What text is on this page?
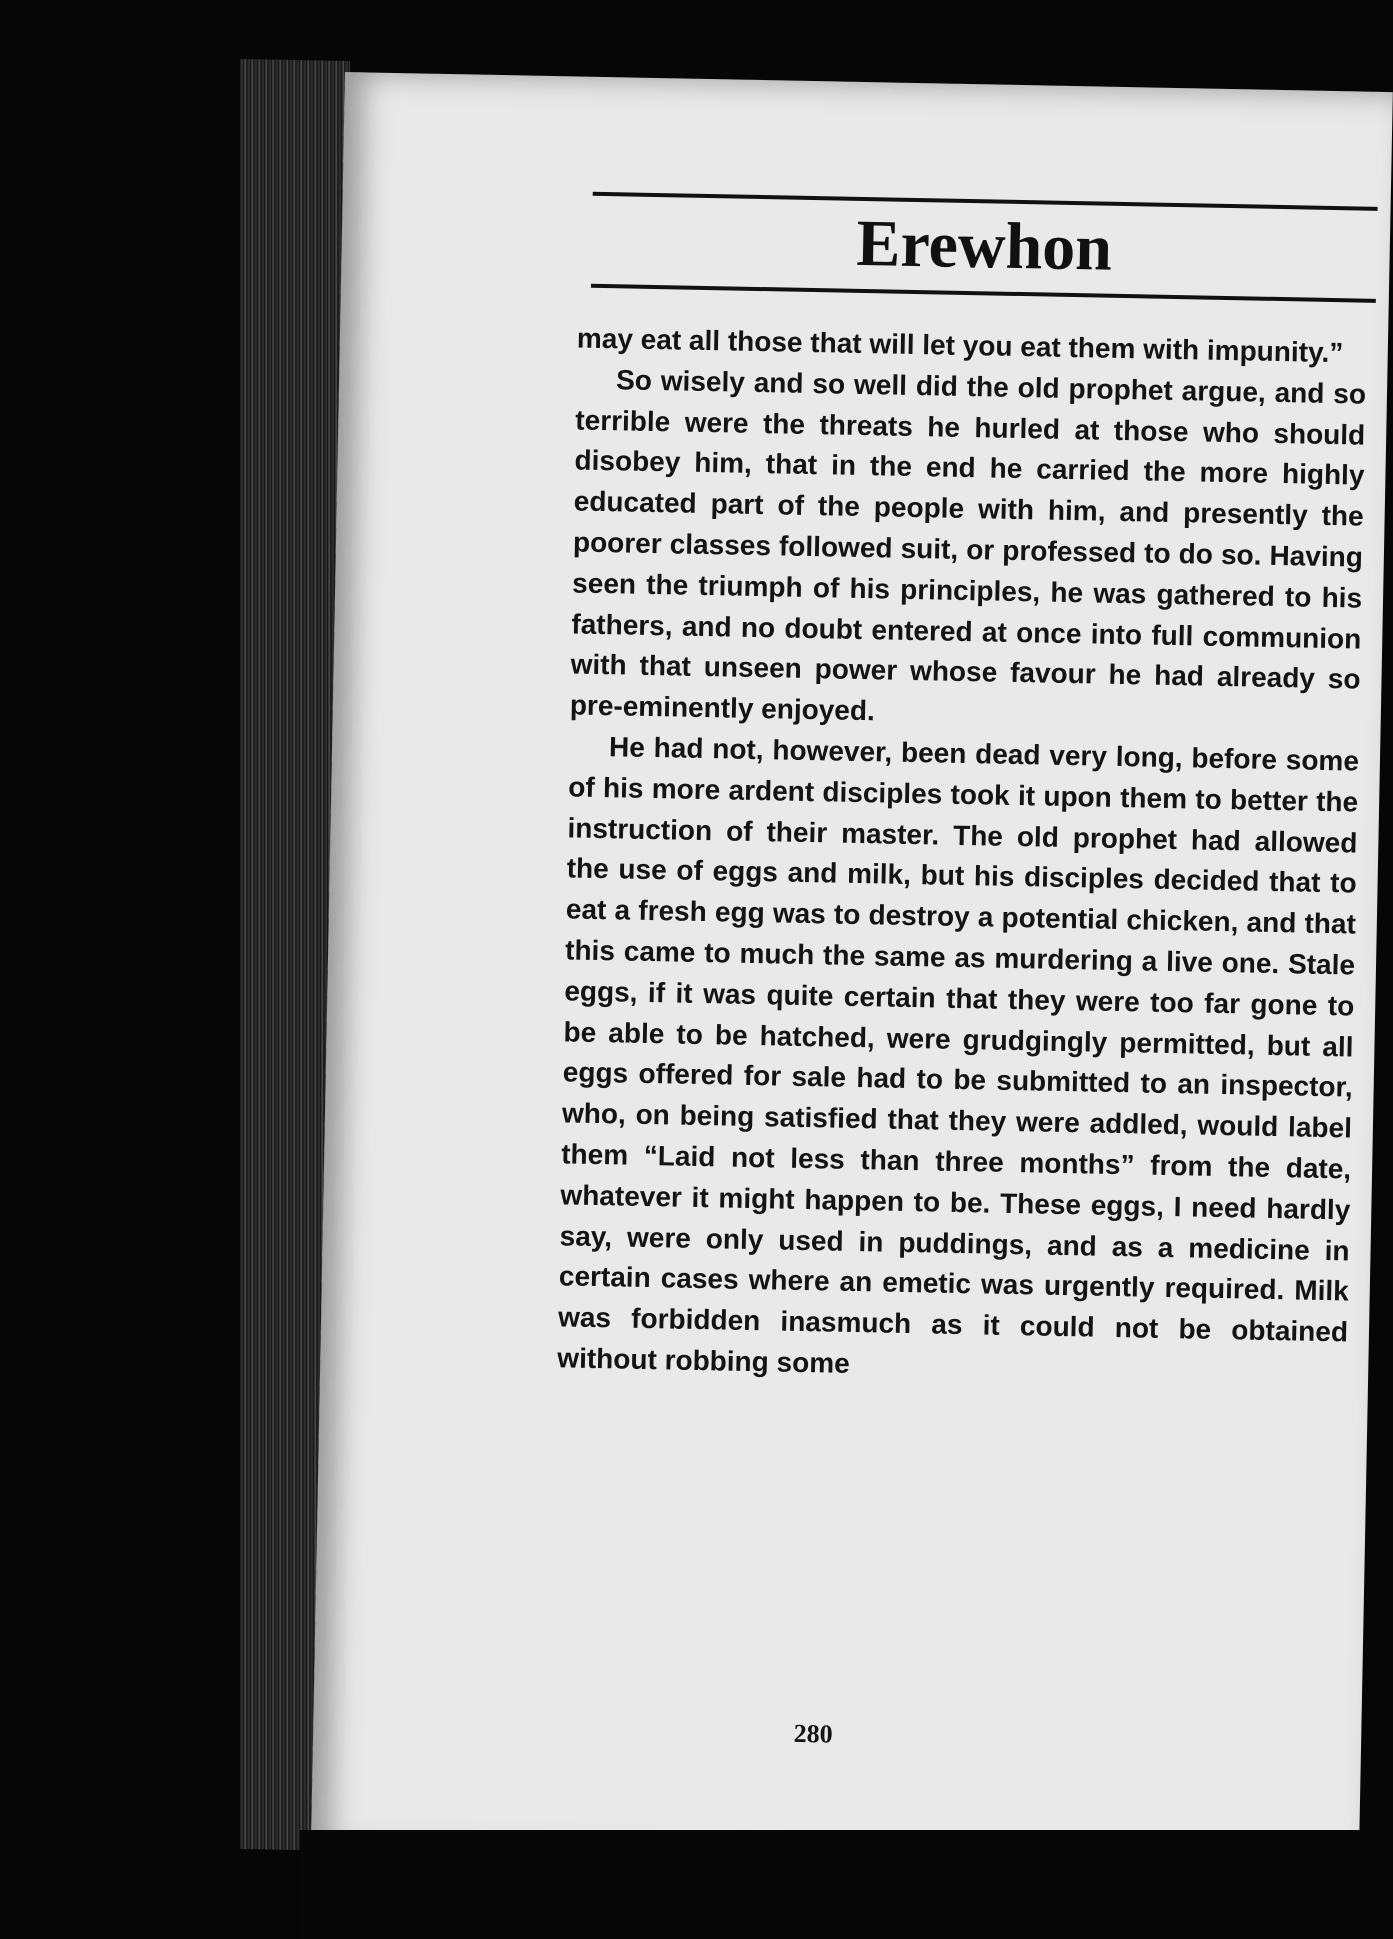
Erewhon

may eat all those that will let you eat them with impunity.”

So wisely and so well did the old prophet argue, and so terrible were the threats he hurled at those who should disobey him, that in the end he carried the more highly educated part of the people with him, and presently the poorer classes followed suit, or professed to do so. Having seen the triumph of his principles, he was gathered to his fathers, and no doubt entered at once into full communion with that unseen power whose favour he had already so pre-eminently enjoyed.

He had not, however, been dead very long, before some of his more ardent disciples took it upon them to better the instruction of their master. The old prophet had allowed the use of eggs and milk, but his disciples decided that to eat a fresh egg was to destroy a potential chicken, and that this came to much the same as murdering a live one. Stale eggs, if it was quite certain that they were too far gone to be able to be hatched, were grudgingly permitted, but all eggs offered for sale had to be submitted to an inspector, who, on being satisfied that they were addled, would label them “Laid not less than three months” from the date, whatever it might happen to be. These eggs, I need hardly say, were only used in puddings, and as a medicine in certain cases where an emetic was urgently required. Milk was forbidden inasmuch as it could not be obtained without robbing some

280
